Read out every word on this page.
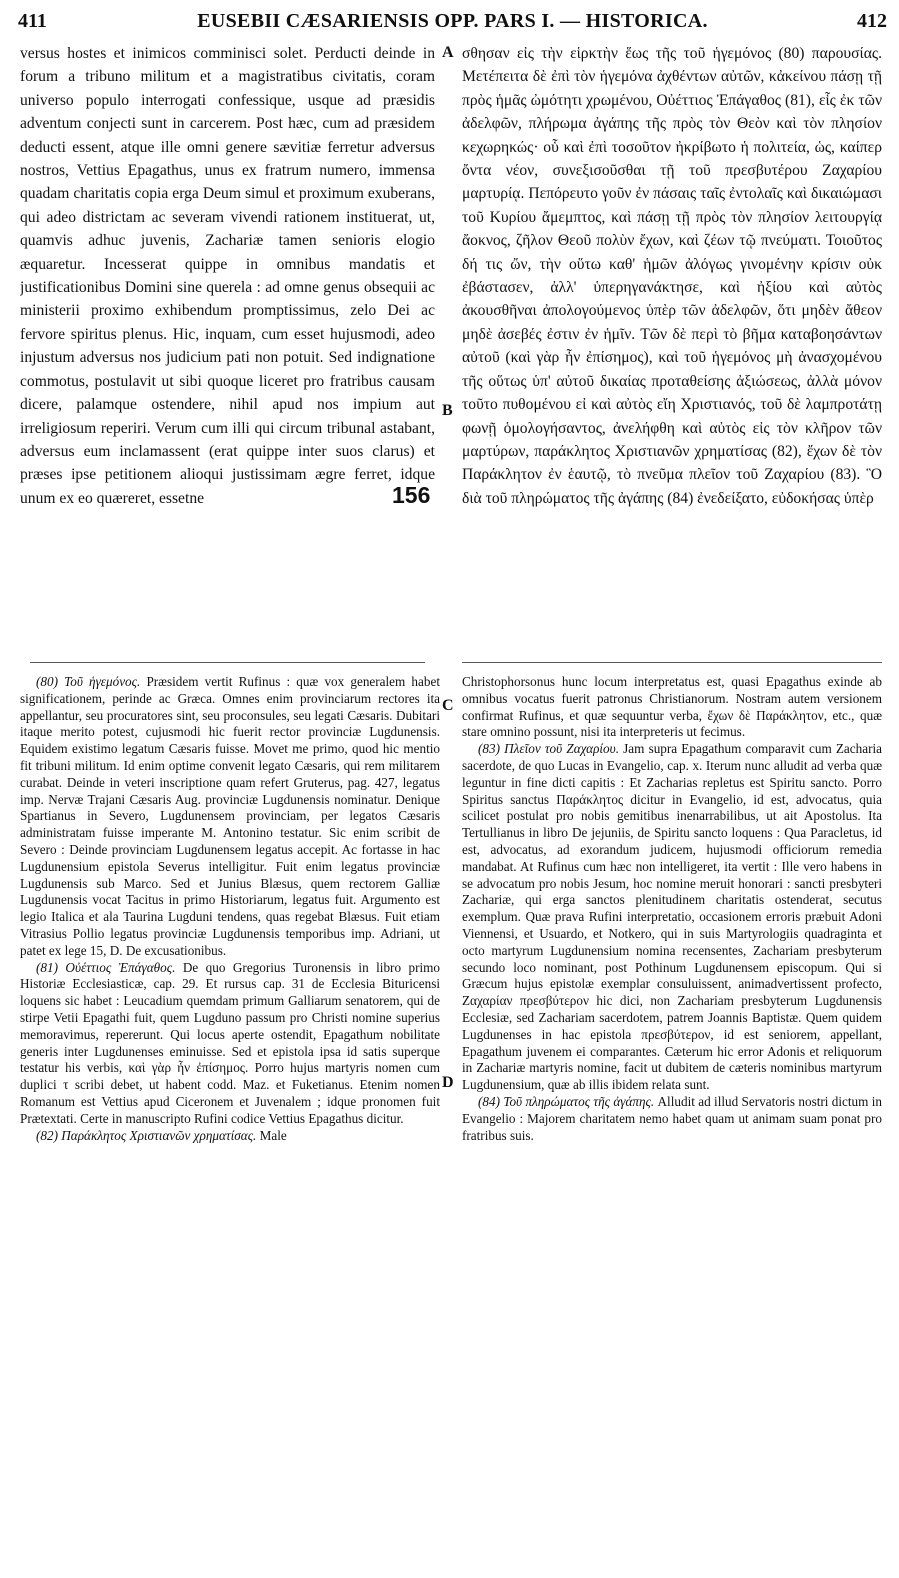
411	EUSEBII CÆSARIENSIS OPP. PARS I. — HISTORICA.	412

versus hostes et inimicos comminisci solet. Perducti deinde in forum a tribuno militum et a magistratibus civitatis, coram universo populo interrogati confessique, usque ad præsidis adventum conjecti sunt in carcerem. Post hæc, cum ad præsidem deducti essent, atque ille omni genere sævitiæ ferretur adversus nostros, Vettius Epagathus, unus ex fratrum numero, immensa quadam charitatis copia erga Deum simul et proximum exuberans, qui adeo districtam ac severam vivendi rationem instituerat, ut, quamvis adhuc juvenis, Zachariæ tamen senioris elogio æquaretur. Incesserat quippe in omnibus mandatis et justificationibus Domini sine querela : ad omne genus obsequii ac ministerii proximo exhibendum promptissimus, zelo Dei ac fervore spiritus plenus. Hic, inquam, cum esset hujusmodi, adeo injustum adversus nos judicium pati non potuit. Sed indignatione commotus, postulavit ut sibi quoque liceret pro fratribus causam dicere, palamque ostendere, nihil apud nos impium aut irreligiosum reperiri. Verum cum illi qui circum tribunal astabant, adversus eum inclamassent (erat quippe inter suos clarus) et præses ipse petitionem alioqui justissimam ægre ferret, idque unum ex eo quæreret, essetne

σθησαν εἰς τὴν εἱρκτὴν ἕως τῆς τοῦ ἡγεμόνος (80) παρουσίας. Μετέπειτα δὲ ἐπὶ τὸν ἡγεμόνα ἀχθέντων αὐτῶν, κἀκείνου πάσῃ τῇ πρὸς ἡμᾶς ὠμότητι χρωμένου, Οὐέττιος Ἐπάγαθος (81), εἷς ἐκ τῶν ἀδελφῶν, πλήρωμα ἀγάπης τῆς πρὸς τὸν Θεὸν καὶ τὸν πλησίον κεχωρηκώς· οὗ καὶ ἐπὶ τοσοῦτον ἠκρίβωτο ἡ πολιτεία, ὡς, καίπερ ὄντα νέον, συνεξισοῦσθαι τῇ τοῦ πρεσβυτέρου Ζαχαρίου μαρτυρίᾳ. Πεπόρευτο γοῦν ἐν πάσαις ταῖς ἐντολαῖς καὶ δικαιώμασι τοῦ Κυρίου ἄμεμπτος, καὶ πάσῃ τῇ πρὸς τὸν πλησίον λειτουργίᾳ ἄοκνος, ζῆλον Θεοῦ πολὺν ἔχων, καὶ ζέων τῷ πνεύματι. Τοιοῦτος δή τις ὤν, τὴν οὕτω καθ' ἡμῶν ἀλόγως γινομένην κρίσιν οὐκ ἐβάστασεν, ἀλλ' ὑπερηγανάκτησε, καὶ ἠξίου καὶ αὐτὸς ἀκουσθῆναι ἀπολογούμενος ὑπὲρ τῶν ἀδελφῶν, ὅτι μηδὲν ἄθεον μηδὲ ἀσεβές ἐστιν ἐν ἡμῖν. Τῶν δὲ περὶ τὸ βῆμα καταβοησάντων αὐτοῦ (καὶ γὰρ ἦν ἐπίσημος), καὶ τοῦ ἡγεμόνος μὴ ἀνασχομένου τῆς οὕτως ὑπ' αὐτοῦ δικαίας προταθείσης ἀξιώσεως, ἀλλὰ μόνον τοῦτο πυθομένου εἰ καὶ αὐτὸς εἴη Χριστιανός, τοῦ δὲ λαμπροτάτῃ φωνῇ ὁμολογήσαντος, ἀνελήφθη καὶ αὐτὸς εἰς τὸν κλῆρον τῶν μαρτύρων, παράκλητος Χριστιανῶν χρηματίσας (82), ἔχων δὲ τὸν Παράκλητον ἐν ἑαυτῷ, τὸ πνεῦμα πλεῖον τοῦ Ζαχαρίου (83). Ὃ διὰ τοῦ πληρώματος τῆς ἀγάπης (84) ἐνεδείξατο, εὐδοκήσας ὑπὲρ

A
B
C
D
156

(80) Τοῦ ἡγεμόνος. Præsidem vertit Rufinus : quæ vox generalem habet significationem, perinde ac Græca. Omnes enim provinciarum rectores ita appellantur, seu procuratores sint, seu proconsules, seu legati Cæsaris. Dubitari itaque merito potest, cujusmodi hic fuerit rector provinciæ Lugdunensis. Equidem existimo legatum Cæsaris fuisse. Movet me primo, quod hic mentio fit tribuni militum. Id enim optime convenit legato Cæsaris, qui rem militarem curabat. Deinde in veteri inscriptione quam refert Gruterus, pag. 427, legatus imp. Nervæ Trajani Cæsaris Aug. provinciæ Lugdunensis nominatur. Denique Spartianus in Severo, Lugdunensem provinciam, per legatos Cæsaris administratam fuisse imperante M. Antonino testatur. Sic enim scribit de Severo : Deinde provinciam Lugdunensem legatus accepit. Ac fortasse in hac Lugdunensium epistola Severus intelligitur. Fuit enim legatus provinciæ Lugdunensis sub Marco. Sed et Junius Blæsus, quem rectorem Galliæ Lugdunensis vocat Tacitus in primo Historiarum, legatus fuit. Argumento est legio Italica et ala Taurina Lugduni tendens, quas regebat Blæsus. Fuit etiam Vitrasius Pollio legatus provinciæ Lugdunensis temporibus imp. Adriani, ut patet ex lege 15, D. De excusationibus.

(81) Οὐέττιος Ἐπάγαθος. De quo Gregorius Turonensis in libro primo Historiæ Ecclesiasticæ, cap. 29. Et rursus cap. 31 de Ecclesia Bituricensi loquens sic habet : Leucadium quemdam primum Galliarum senatorem, qui de stirpe Vetii Epagathi fuit, quem Lugduno passum pro Christi nomine superius memoravimus, repererunt. Qui locus aperte ostendit, Epagathum nobilitate generis inter Lugdunenses eminuisse. Sed et epistola ipsa id satis superque testatur his verbis, καὶ γὰρ ἦν ἐπίσημος. Porro hujus martyris nomen cum duplici τ scribi debet, ut habent codd. Maz. et Fuketianus. Etenim nomen Romanum est Vettius apud Ciceronem et Juvenalem ; idque pronomen fuit Prætextati. Certe in manuscripto Rufini codice Vettius Epagathus dicitur.

(82) Παράκλητος Χριστιανῶν χρηματίσας. Male

Christophorsonus hunc locum interpretatus est, quasi Epagathus exinde ab omnibus vocatus fuerit patronus Christianorum. Nostram autem versionem confirmat Rufinus, et quæ sequuntur verba, ἔχων δὲ Παράκλητον, etc., quæ stare omnino possunt, nisi ita interpreteris ut fecimus.

(83) Πλεῖον τοῦ Ζαχαρίου. Jam supra Epagathum comparavit cum Zacharia sacerdote, de quo Lucas in Evangelio, cap. x. Iterum nunc alludit ad verba quæ leguntur in fine dicti capitis : Et Zacharias repletus est Spiritu sancto. Porro Spiritus sanctus Παράκλητος dicitur in Evangelio, id est, advocatus, quia scilicet postulat pro nobis gemitibus inenarrabilibus, ut ait Apostolus. Ita Tertullianus in libro De jejuniis, de Spiritu sancto loquens : Qua Paracletus, id est, advocatus, ad exorandum judicem, hujusmodi officiorum remedia mandabat. At Rufinus cum hæc non intelligeret, ita vertit : Ille vero habens in se advocatum pro nobis Jesum, hoc nomine meruit honorari : sancti presbyteri Zachariæ, qui erga sanctos plenitudinem charitatis ostenderat, secutus exemplum. Quæ prava Rufini interpretatio, occasionem erroris præbuit Adoni Viennensi, et Usuardo, et Notkero, qui in suis Martyrologiis quadraginta et octo martyrum Lugdunensium nomina recensentes, Zachariam presbyterum secundo loco nominant, post Pothinum Lugdunensem episcopum. Qui si Græcum hujus epistolæ exemplar consuluissent, animadvertissent profecto, Ζαχαρίαν πρεσβύτερον hic dici, non Zachariam presbyterum Lugdunensis Ecclesiæ, sed Zachariam sacerdotem, patrem Joannis Baptistæ. Quem quidem Lugdunenses in hac epistola πρεσβύτερον, id est seniorem, appellant, Epagathum juvenem ei comparantes. Cæterum hic error Adonis et reliquorum in Zachariæ martyris nomine, facit ut dubitem de cæteris nominibus martyrum Lugdunensium, quæ ab illis ibidem relata sunt.

(84) Τοῦ πληρώματος τῆς ἀγάπης. Alludit ad illud Servatoris nostri dictum in Evangelio : Majorem charitatem nemo habet quam ut animam suam ponat pro fratribus suis.
